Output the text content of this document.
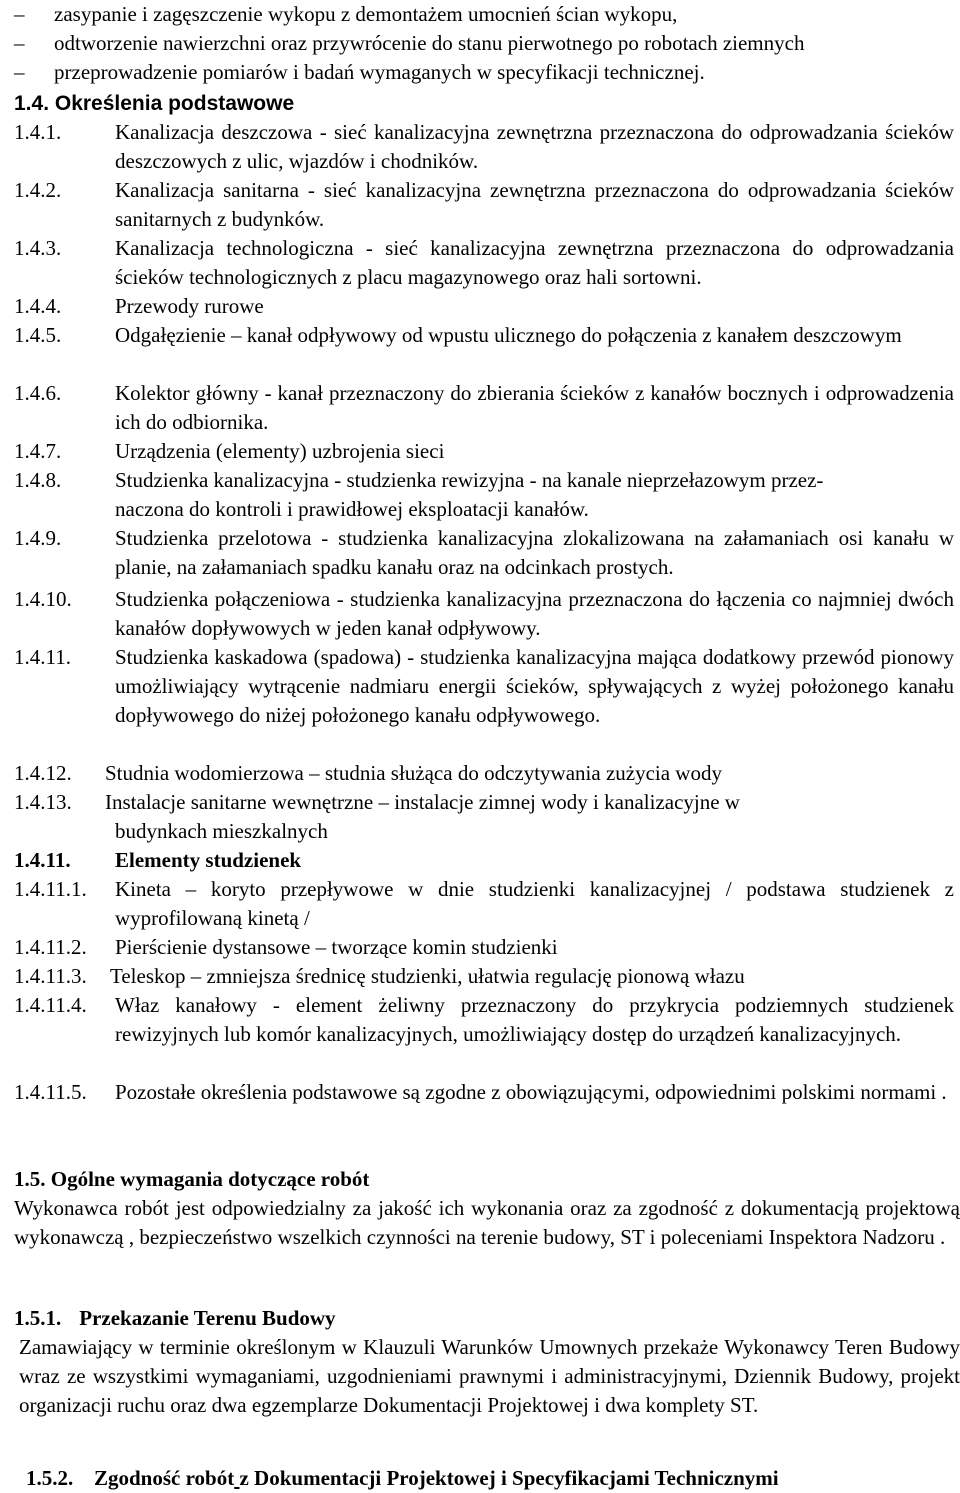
– zasypanie i zagęszczenie wykopu z demontażem umocnień ścian wykopu,
– odtworzenie nawierzchni oraz przywrócenie do stanu pierwotnego po robotach ziemnych
– przeprowadzenie pomiarów i badań wymaganych w specyfikacji technicznej.
1.4. Określenia podstawowe
1.4.1.	Kanalizacja deszczowa - sieć kanalizacyjna zewnętrzna przeznaczona do odprowadzania ścieków deszczowych z ulic, wjazdów i chodników.
1.4.2.	Kanalizacja sanitarna - sieć kanalizacyjna zewnętrzna przeznaczona do odprowadzania ścieków sanitarnych z budynków.
1.4.3.	Kanalizacja technologiczna - sieć kanalizacyjna zewnętrzna przeznaczona do odprowadzania ścieków technologicznych z placu magazynowego oraz hali sortowni.
1.4.4.	Przewody rurowe
1.4.5.	Odgałęzienie – kanał odpływowy od wpustu ulicznego do połączenia z kanałem deszczowym
1.4.6.	Kolektor główny - kanał przeznaczony do zbierania ścieków z kanałów bocznych i odprowadzenia ich do odbiornika.
1.4.7.	Urządzenia (elementy) uzbrojenia sieci
1.4.8.	Studzienka kanalizacyjna - studzienka rewizyjna - na kanale nieprzełazowym przez-
naczona do kontroli i prawidłowej eksploatacji kanałów.
1.4.9.	Studzienka przelotowa - studzienka kanalizacyjna zlokalizowana na załamaniach osi kanału w planie, na załamaniach spadku kanału oraz na odcinkach prostych.
1.4.10. Studzienka połączeniowa - studzienka kanalizacyjna przeznaczona do łączenia co najmniej dwóch kanałów dopływowych w jeden kanał odpływowy.
1.4.11. Studzienka kaskadowa (spadowa) - studzienka kanalizacyjna mająca dodatkowy przewód pionowy umożliwiający wytrącenie nadmiaru energii ścieków, spływających z wyżej położonego kanału dopływowego do niżej położonego kanału odpływowego.
1.4.12. Studnia wodomierzowa – studnia służąca do odczytywania zużycia wody
1.4.13. Instalacje sanitarne wewnętrzne – instalacje zimnej wody i kanalizacyjne w
budynkach mieszkalnych
1.4.11. Elementy studzienek
1.4.11.1. Kineta – koryto przepływowe w dnie studzienki kanalizacyjnej / podstawa studzienek z wyprofilowaną kinetą /
1.4.11.2. Pierścienie dystansowe – tworzące komin studzienki
1.4.11.3. Teleskop – zmniejsza średnicę studzienki, ułatwia regulację pionową włazu
1.4.11.4. Właz kanałowy - element żeliwny przeznaczony do przykrycia podziemnych studzienek rewizyjnych lub komór kanalizacyjnych, umożliwiający dostęp do urządzeń kanalizacyjnych.
1.4.11.5. Pozostałe określenia podstawowe są zgodne z obowiązującymi, odpowiednimi polskimi normami .
1.5. Ogólne wymagania dotyczące robót
Wykonawca robót jest odpowiedzialny za jakość ich wykonania oraz za zgodność z dokumentacją projektową wykonawczą , bezpieczeństwo wszelkich czynności na terenie budowy, ST i poleceniami Inspektora Nadzoru .
1.5.1. Przekazanie Terenu Budowy
Zamawiający w terminie określonym w Klauzuli Warunków Umownych przekaże Wykonawcy Teren Budowy wraz ze wszystkimi wymaganiami, uzgodnieniami prawnymi i administracyjnymi, Dziennik Budowy, projekt organizacji ruchu oraz dwa egzemplarze Dokumentacji Projektowej i dwa komplety ST.
1.5.2. Zgodność robót z Dokumentacji Projektowej i Specyfikacjami Technicznymi
